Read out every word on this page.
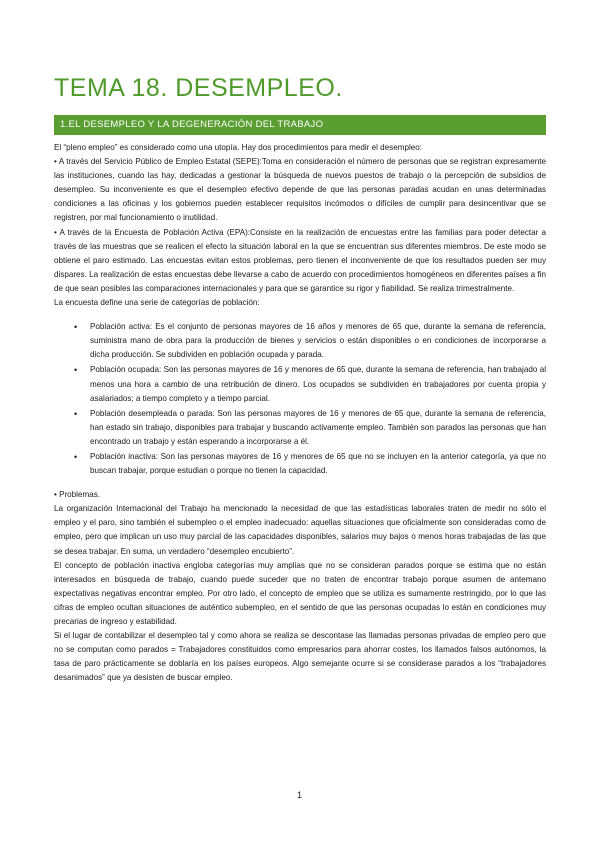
TEMA 18. DESEMPLEO.
1.EL DESEMPLEO Y LA DEGENERACIÓN DEL TRABAJO

El “pleno empleo” es considerado como una utopía. Hay dos procedimientos para medir el desempleo:

• A través del Servicio Público de Empleo Estatal (SEPE):Toma en consideración el número de personas que se registran expresamente las instituciones, cuando las hay, dedicadas a gestionar la búsqueda de nuevos puestos de trabajo o la percepción de subsidios de desempleo. Su inconveniente es que el desempleo efectivo depende de que las personas paradas acudan en unas determinadas condiciones a las oficinas y los gobiernos pueden establecer requisitos incómodos o difíciles de cumplir para desincentivar que se registren, por mal funcionamiento o inutilidad.

• A través de la Encuesta de Población Activa (EPA):Consiste en la realización de encuestas entre las familias para poder detectar a través de las muestras que se realicen el efecto la situación laboral en la que se encuentran sus diferentes miembros. De este modo se obtiene el paro estimado. Las encuestas evitan estos problemas, pero tienen el inconveniente de que los resultados pueden ser muy dispares. La realización de estas encuestas debe llevarse a cabo de acuerdo con procedimientos homogéneos en diferentes países a fin de que sean posibles las comparaciones internacionales y para que se garantice su rigor y fiabilidad. Se realiza trimestralmente.

La encuesta define una serie de categorías de población:

• Población activa: Es el conjunto de personas mayores de 16 años y menores de 65 que, durante la semana de referencia, suministra mano de obra para la producción de bienes y servicios o están disponibles o en condiciones de incorporarse a dicha producción. Se subdividen en población ocupada y parada.
• Población ocupada: Son las personas mayores de 16 y menores de 65 que, durante la semana de referencia, han trabajado al menos una hora a cambio de una retribución de dinero. Los ocupados se subdividen en trabajadores por cuenta propia y asalariados; a tiempo completo y a tiempo parcial.
• Población desempleada o parada: Son las personas mayores de 16 y menores de 65 que, durante la semana de referencia, han estado sin trabajo, disponibles para trabajar y buscando activamente empleo. También son parados las personas que han encontrado un trabajo y están esperando a incorporarse a él.
• Población inactiva: Son las personas mayores de 16 y menores de 65 que no se incluyen en la anterior categoría, ya que no buscan trabajar, porque estudian o porque no tienen la capacidad.

• Problemas.

La organización Internacional del Trabajo ha mencionado la necesidad de que las estadísticas laborales traten de medir no sólo el empleo y el paro, sino también el subempleo o el empleo inadecuado: aquellas situaciones que oficialmente son consideradas como de empleo, pero que implican un uso muy parcial de las capacidades disponibles, salarios muy bajos o menos horas trabajadas de las que se desea trabajar. En suma, un verdadero “desempleo encubierto”.

El concepto de población inactiva engloba categorías muy amplias que no se consideran parados porque se estima que no están interesados en búsqueda de trabajo, cuando puede suceder que no traten de encontrar trabajo porque asumen de antemano expectativas negativas encontrar empleo. Por otro lado, el concepto de empleo que se utiliza es sumamente restringido, por lo que las cifras de empleo ocultan situaciones de auténtico subempleo, en el sentido de que las personas ocupadas lo están en condiciones muy precarias de ingreso y estabilidad.

Si el lugar de contabilizar el desempleo tal y como ahora se realiza se descontase las llamadas personas privadas de empleo pero que no se computan como parados = Trabajadores constituidos como empresarios para ahorrar costes, los llamados falsos autónomos, la tasa de paro prácticamente se doblaría en los países europeos. Algo semejante ocurre si se considerase parados a los “trabajadores desanimados” que ya desisten de buscar empleo.

1
